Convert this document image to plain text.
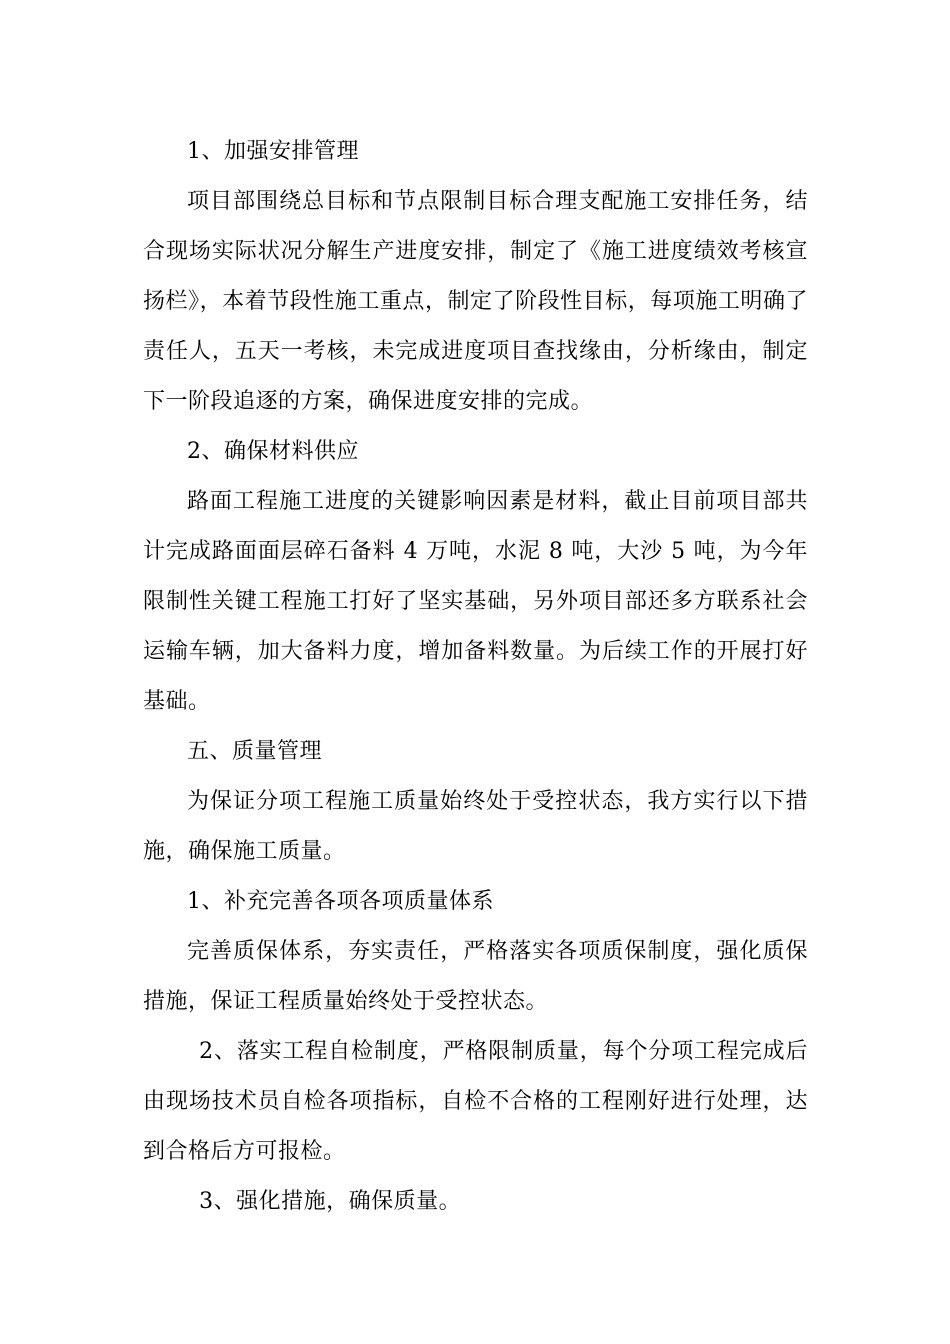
1、加强安排管理

项目部围绕总目标和节点限制目标合理支配施工安排任务，结合现场实际状况分解生产进度安排，制定了《施工进度绩效考核宣扬栏》，本着节段性施工重点，制定了阶段性目标，每项施工明确了责任人，五天一考核，未完成进度项目查找缘由，分析缘由，制定下一阶段追逐的方案，确保进度安排的完成。

2、确保材料供应

路面工程施工进度的关键影响因素是材料，截止目前项目部共计完成路面面层碎石备料 4 万吨，水泥 8 吨，大沙 5 吨，为今年限制性关键工程施工打好了坚实基础，另外项目部还多方联系社会运输车辆，加大备料力度，增加备料数量。为后续工作的开展打好基础。

五、质量管理

为保证分项工程施工质量始终处于受控状态，我方实行以下措施，确保施工质量。

1、补充完善各项各项质量体系

完善质保体系，夯实责任，严格落实各项质保制度，强化质保措施，保证工程质量始终处于受控状态。

2、落实工程自检制度，严格限制质量，每个分项工程完成后由现场技术员自检各项指标，自检不合格的工程刚好进行处理，达到合格后方可报检。

3、强化措施，确保质量。
